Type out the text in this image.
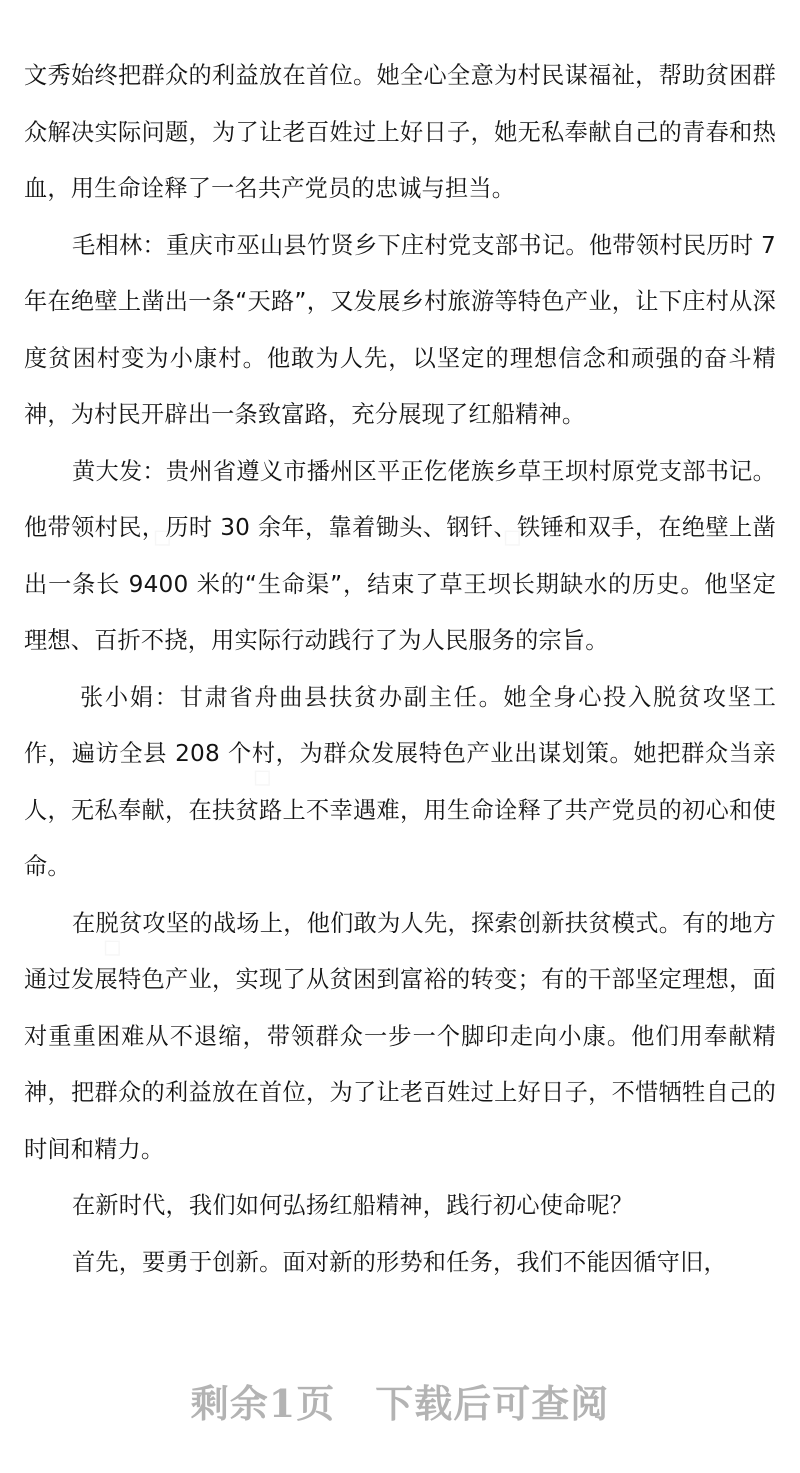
文秀始终把群众的利益放在首位。她全心全意为村民谋福祉，帮助贫困群众解决实际问题，为了让老百姓过上好日子，她无私奉献自己的青春和热血，用生命诠释了一名共产党员的忠诚与担当。

毛相林：重庆市巫山县竹贤乡下庄村党支部书记。他带领村民历时 7 年在绝壁上凿出一条“天路”，又发展乡村旅游等特色产业，让下庄村从深度贫困村变为小康村。他敢为人先，以坚定的理想信念和顽强的奋斗精神，为村民开辟出一条致富路，充分展现了红船精神。

黄大发：贵州省遵义市播州区平正仡佬族乡草王坝村原党支部书记。他带领村民，历时 30 余年，靠着锄头、钢钎、铁锤和双手，在绝壁上凿出一条长 9400 米的“生命渠”，结束了草王坝长期缺水的历史。他坚定理想、百折不挠，用实际行动践行了为人民服务的宗旨。

张小娟：甘肃省舟曲县扶贫办副主任。她全身心投入脱贫攻坚工作，遍访全县 208 个村，为群众发展特色产业出谋划策。她把群众当亲人，无私奉献，在扶贫路上不幸遇难，用生命诠释了共产党员的初心和使命。

在脱贫攻坚的战场上，他们敢为人先，探索创新扶贫模式。有的地方通过发展特色产业，实现了从贫困到富裕的转变；有的干部坚定理想，面对重重困难从不退缩，带领群众一步一个脚印走向小康。他们用奉献精神，把群众的利益放在首位，为了让老百姓过上好日子，不惜牺牲自己的时间和精力。

在新时代，我们如何弘扬红船精神，践行初心使命呢？

首先，要勇于创新。面对新的形势和任务，我们不能因循守旧，

剩余1页 下载后可查阅
